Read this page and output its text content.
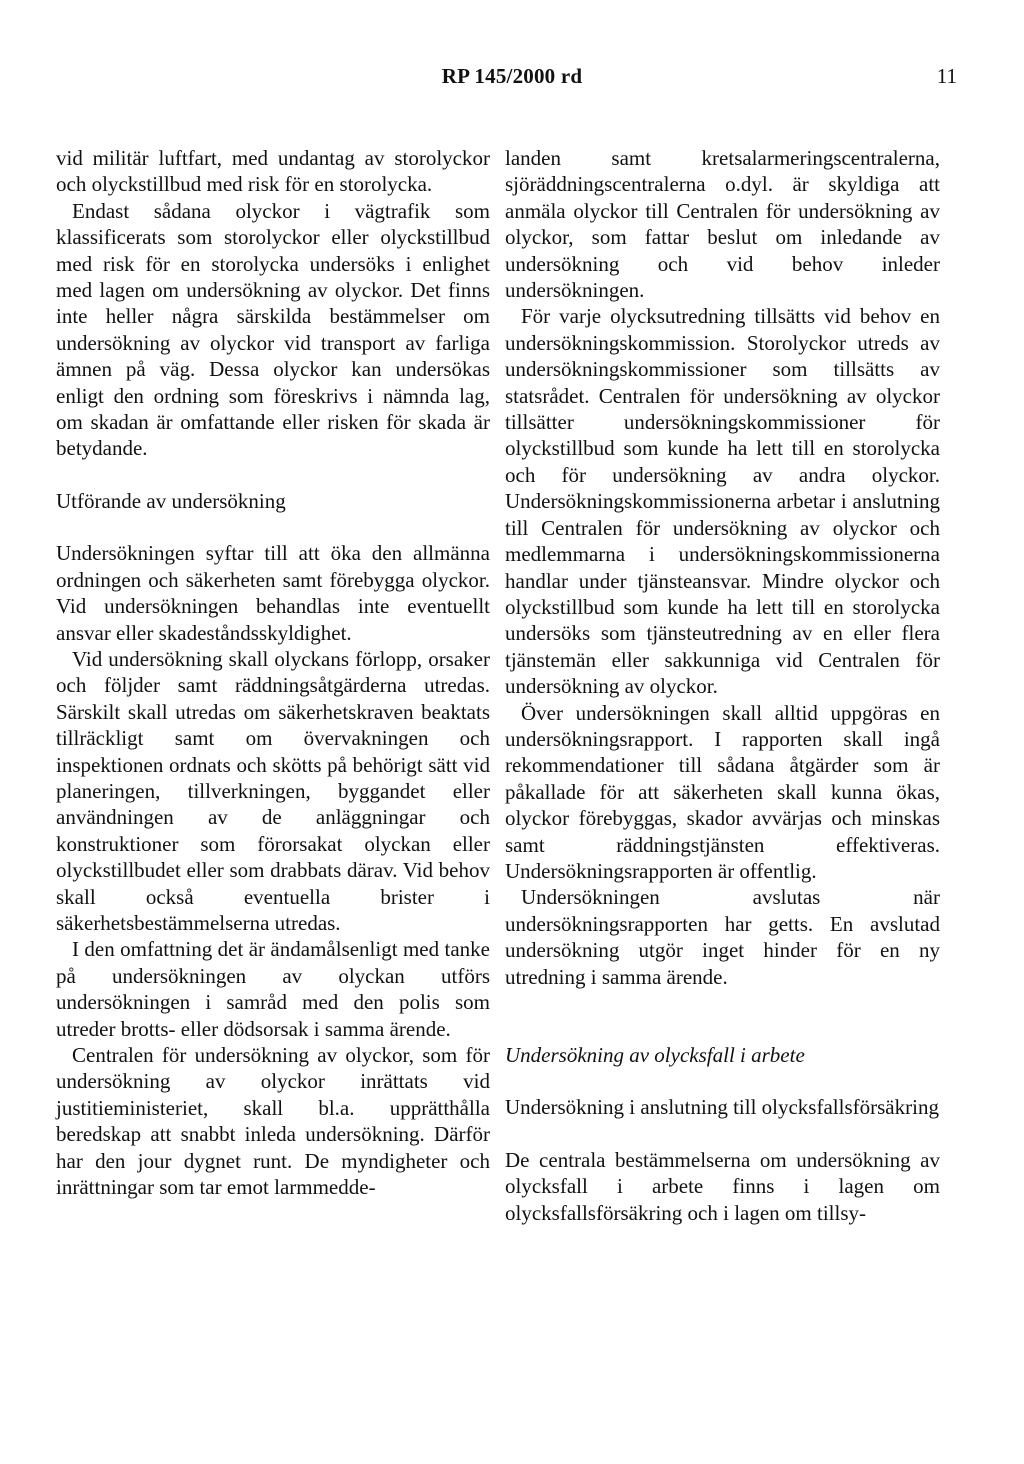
RP 145/2000 rd	11

vid militär luftfart, med undantag av storolyckor och olyckstillbud med risk för en storolycka.

Endast sådana olyckor i vägtrafik som klassificerats som storolyckor eller olyckstillbud med risk för en storolycka undersöks i enlighet med lagen om undersökning av olyckor. Det finns inte heller några särskilda bestämmelser om undersökning av olyckor vid transport av farliga ämnen på väg. Dessa olyckor kan undersökas enligt den ordning som föreskrivs i nämnda lag, om skadan är omfattande eller risken för skada är betydande.

Utförande av undersökning

Undersökningen syftar till att öka den allmänna ordningen och säkerheten samt förebygga olyckor. Vid undersökningen behandlas inte eventuellt ansvar eller skadeståndsskyldighet.

Vid undersökning skall olyckans förlopp, orsaker och följder samt räddningsåtgärderna utredas. Särskilt skall utredas om säkerhetskraven beaktats tillräckligt samt om övervakningen och inspektionen ordnats och skötts på behörigt sätt vid planeringen, tillverkningen, byggandet eller användningen av de anläggningar och konstruktioner som förorsakat olyckan eller olyckstillbudet eller som drabbats därav. Vid behov skall också eventuella brister i säkerhetsbestämmelserna utredas.

I den omfattning det är ändamålsenligt med tanke på undersökningen av olyckan utförs undersökningen i samråd med den polis som utreder brotts- eller dödsorsak i samma ärende.

Centralen för undersökning av olyckor, som för undersökning av olyckor inrättats vid justitieministeriet, skall bl.a. upprätthålla beredskap att snabbt inleda undersökning. Därför har den jour dygnet runt. De myndigheter och inrättningar som tar emot larmmedde-

landen samt kretsalarmeringscentralerna, sjöräddningscentralerna o.dyl. är skyldiga att anmäla olyckor till Centralen för undersökning av olyckor, som fattar beslut om inledande av undersökning och vid behov inleder undersökningen.

För varje olycksutredning tillsätts vid behov en undersökningskommission. Storolyckor utreds av undersökningskommissioner som tillsätts av statsrådet. Centralen för undersökning av olyckor tillsätter undersökningskommissioner för olyckstillbud som kunde ha lett till en storolycka och för undersökning av andra olyckor. Undersökningskommissionerna arbetar i anslutning till Centralen för undersökning av olyckor och medlemmarna i undersökningskommissionerna handlar under tjänsteansvar. Mindre olyckor och olyckstillbud som kunde ha lett till en storolycka undersöks som tjänsteutredning av en eller flera tjänstemän eller sakkunniga vid Centralen för undersökning av olyckor.

Över undersökningen skall alltid uppgöras en undersökningsrapport. I rapporten skall ingå rekommendationer till sådana åtgärder som är påkallade för att säkerheten skall kunna ökas, olyckor förebyggas, skador avvärjas och minskas samt räddningstjänsten effektiveras. Undersökningsrapporten är offentlig.

Undersökningen avslutas när undersökningsrapporten har getts. En avslutad undersökning utgör inget hinder för en ny utredning i samma ärende.

Undersökning av olycksfall i arbete
Undersökning i anslutning till olycksfallsförsäkring

De centrala bestämmelserna om undersökning av olycksfall i arbete finns i lagen om olycksfallsförsäkring och i lagen om tillsy-
